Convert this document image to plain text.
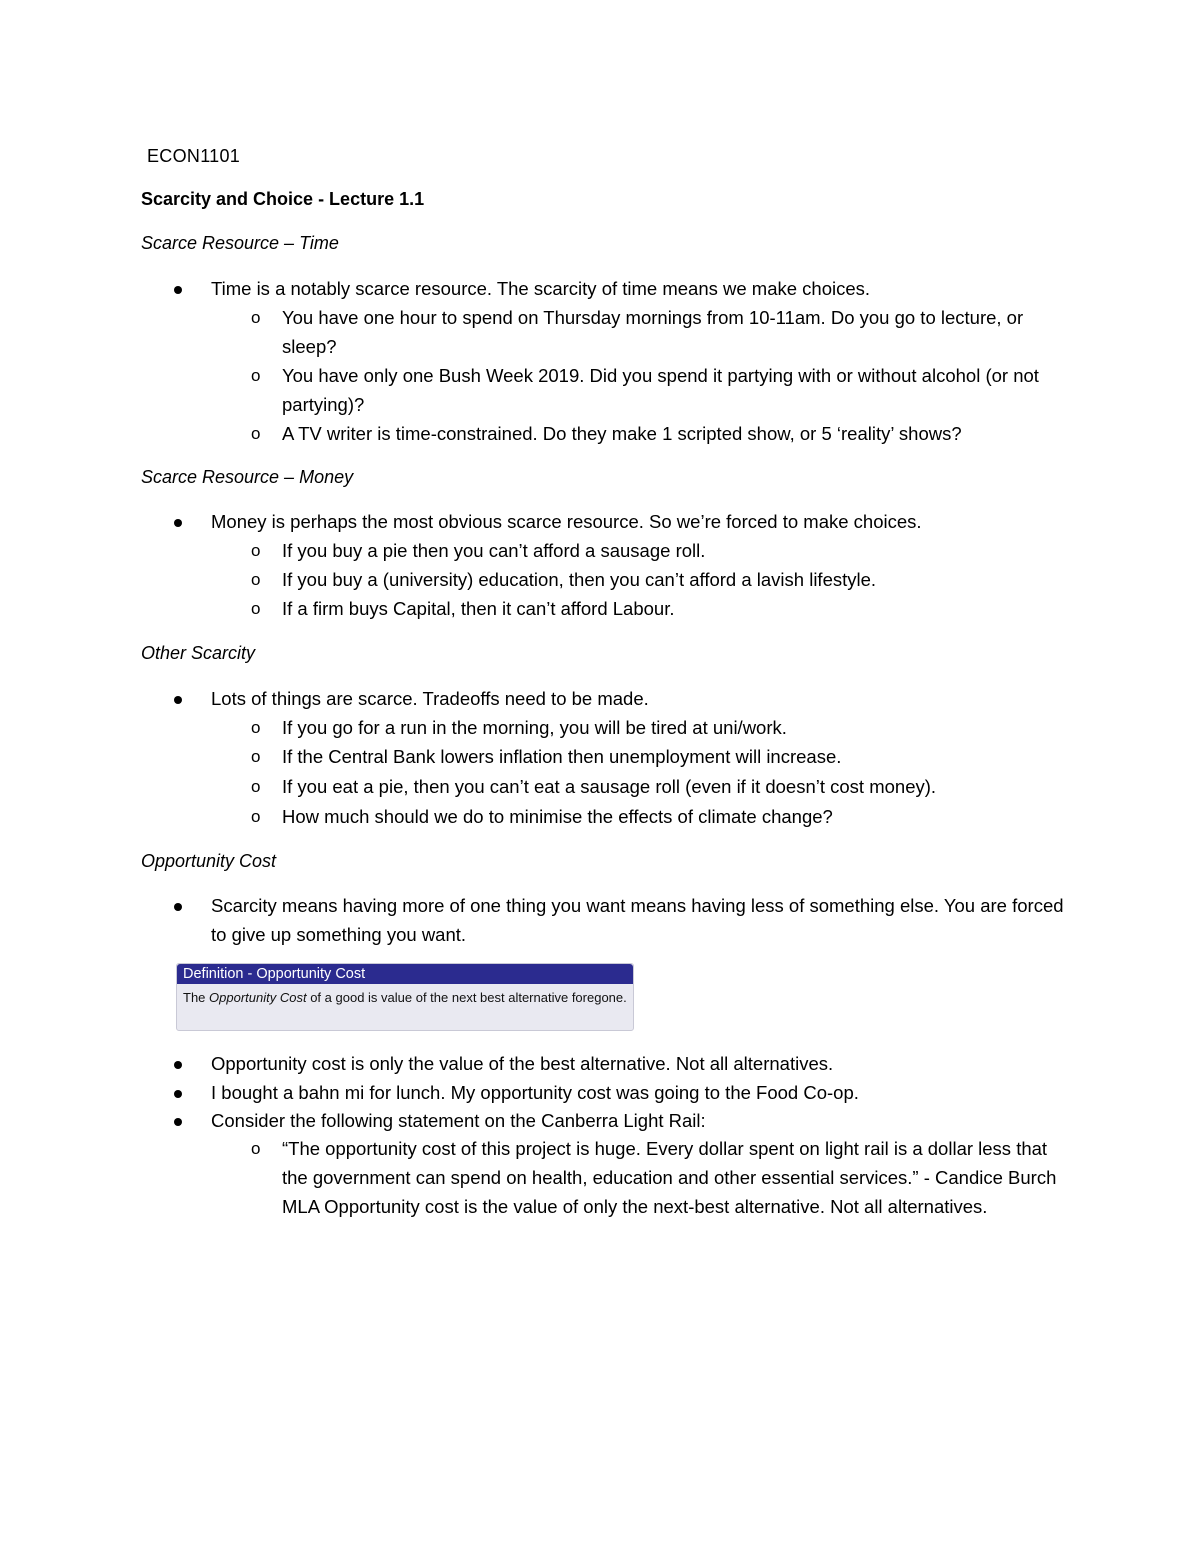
ECON1101
Scarcity and Choice - Lecture 1.1
Scarce Resource – Time
Time is a notably scarce resource. The scarcity of time means we make choices.
o You have one hour to spend on Thursday mornings from 10-11am. Do you go to lecture, or sleep?
o You have only one Bush Week 2019. Did you spend it partying with or without alcohol (or not partying)?
o A TV writer is time-constrained. Do they make 1 scripted show, or 5 ‘reality’ shows?
Scarce Resource – Money
Money is perhaps the most obvious scarce resource. So we’re forced to make choices.
o If you buy a pie then you can’t afford a sausage roll.
o If you buy a (university) education, then you can’t afford a lavish lifestyle.
o If a firm buys Capital, then it can’t afford Labour.
Other Scarcity
Lots of things are scarce. Tradeoffs need to be made.
o If you go for a run in the morning, you will be tired at uni/work.
o If the Central Bank lowers inflation then unemployment will increase.
o If you eat a pie, then you can’t eat a sausage roll (even if it doesn’t cost money).
o How much should we do to minimise the effects of climate change?
Opportunity Cost
Scarcity means having more of one thing you want means having less of something else. You are forced to give up something you want.
Definition - Opportunity Cost
The Opportunity Cost of a good is value of the next best alternative foregone.
Opportunity cost is only the value of the best alternative. Not all alternatives.
I bought a bahn mi for lunch. My opportunity cost was going to the Food Co-op.
Consider the following statement on the Canberra Light Rail:
o “The opportunity cost of this project is huge. Every dollar spent on light rail is a dollar less that the government can spend on health, education and other essential services.” - Candice Burch MLA Opportunity cost is the value of only the next-best alternative. Not all alternatives.
